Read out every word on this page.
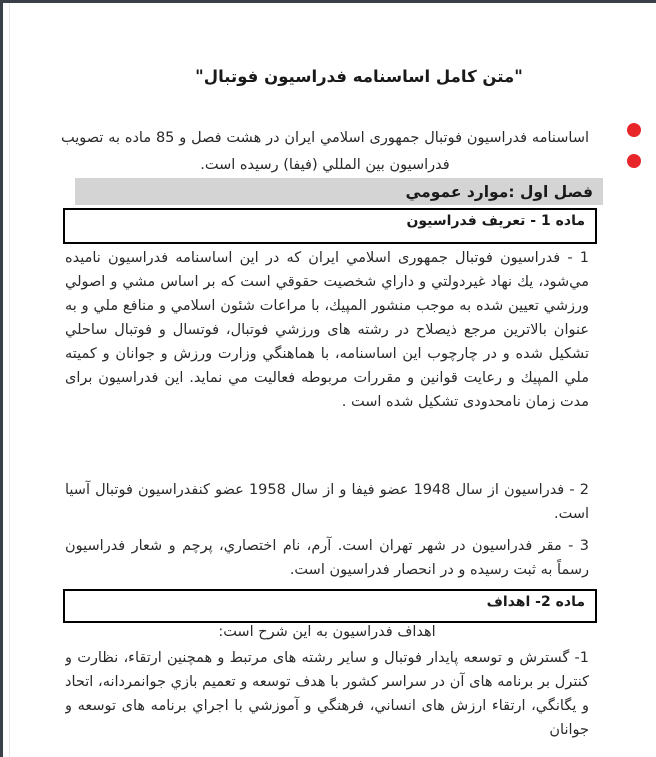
"متن کامل اساسنامه فدراسیون فوتبال"
اساسنامه فدراسیون فوتبال جمهوری اسلامي ایران در هشت فصل و 85 ماده به تصویب فدراسیون بین المللي (فیفا) رسیده است.
فصل اول :موارد عمومي
ماده 1 - تعریف فدراسیون
1 - فدراسیون فوتبال جمهوری اسلامي ایران که در این اساسنامه فدراسیون نامیده مي‌شود، یك نهاد غیردولتي و داراي شخصیت حقوقي است که بر اساس مشي و اصولي ورزشي تعیین شده به موجب منشور المپیك، با مراعات شئون اسلامي و منافع ملي و به عنوان بالاترین مرجع ذیصلاح در رشته های ورزشي فوتبال، فوتسال و فوتبال ساحلي تشکیل شده و در چارچوب این اساسنامه، با هماهنگي وزارت ورزش و جوانان و کمیته ملي المپیك و رعایت قوانین و مقررات مربوطه فعالیت مي نماید. این فدراسیون برای مدت زمان نامحدودی تشکیل شده است .
2 - فدراسیون از سال 1948 عضو فیفا و از سال 1958 عضو کنفدراسیون فوتبال آسیا است.
3 - مقر فدراسیون در شهر تهران است. آرم، نام اختصاري، پرچم و شعار فدراسیون رسماً به ثبت رسیده و در انحصار فدراسیون است.
ماده 2- اهداف
اهداف فدراسیون به این شرح است:
1- گسترش و توسعه پایدار فوتبال و سایر رشته های مرتبط و همچنین ارتقاء، نظارت و کنترل بر برنامه های آن در سراسر کشور با هدف توسعه و تعمیم بازي جوانمردانه، اتحاد و یگانگي، ارتقاء ارزش های انساني، فرهنگي و آموزشي با اجراي برنامه های توسعه و جوانان
